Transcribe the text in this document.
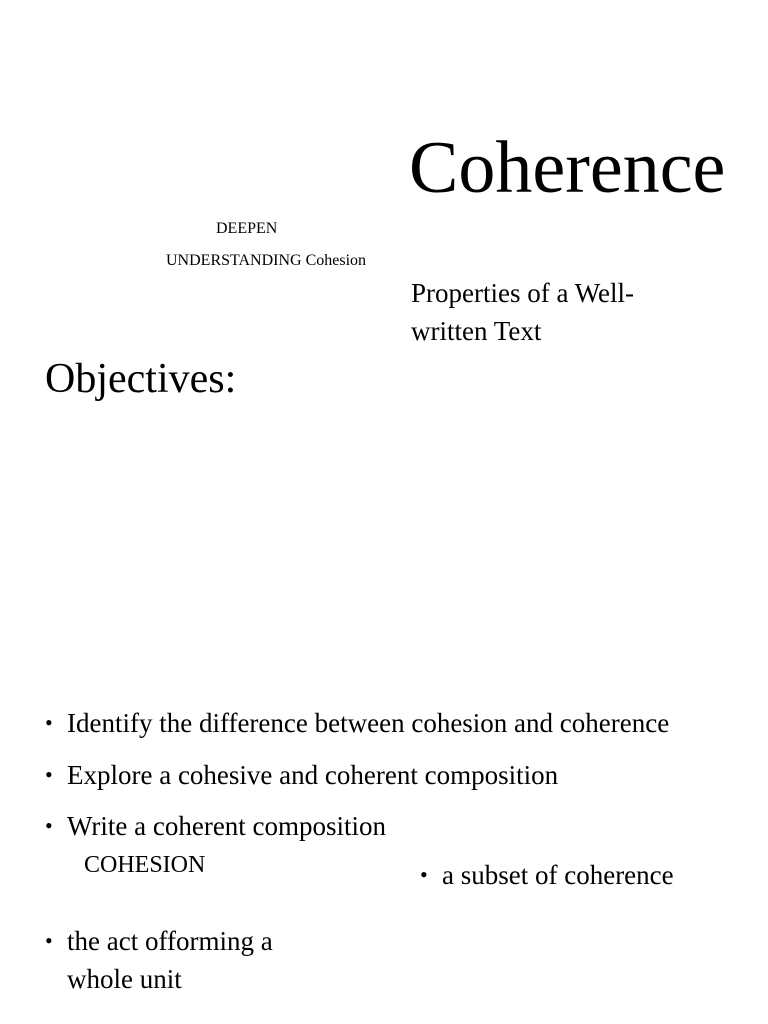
Coherence
DEEPEN
UNDERSTANDING Cohesion
Properties of a Well-written Text
Objectives:
• Identify the difference between cohesion and coherence
• Explore a cohesive and coherent composition
• Write a coherent composition
COHESION	• a subset of coherence
• the act offorming a whole unit
